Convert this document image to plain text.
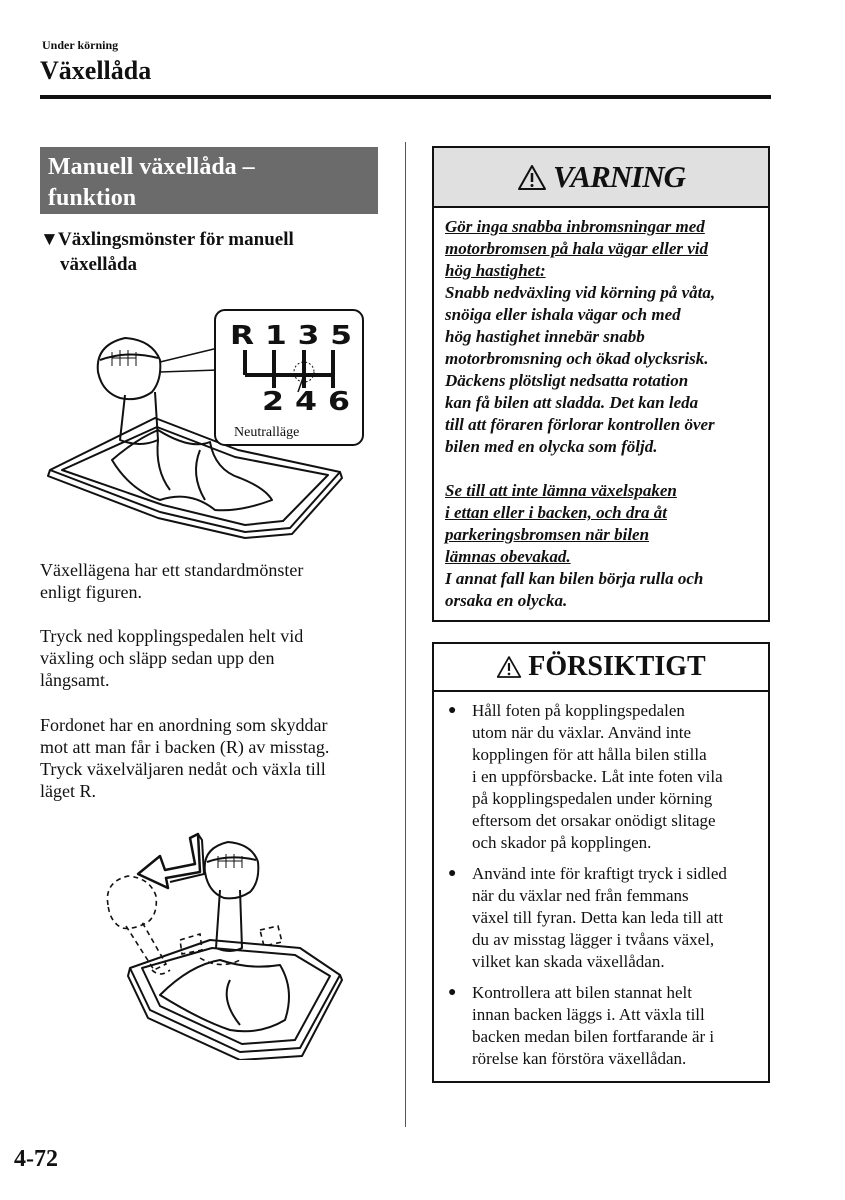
Under körning
Växellåda
Manuell växellåda –
funktion
▼Växlingsmönster för manuell
växellåda
R 1 3 5
2 4 6
Neutralläge
Växellägena har ett standardmönster
enligt figuren.
Tryck ned kopplingspedalen helt vid
växling och släpp sedan upp den
långsamt.
Fordonet har en anordning som skyddar
mot att man får i backen (R) av misstag.
Tryck växelväljaren nedåt och växla till
läget R.
VARNING

Gör inga snabba inbromsningar med

motorbromsen på hala vägar eller vid

hög hastighet:

Snabb nedväxling vid körning på våta,

snöiga eller ishala vägar och med

hög hastighet innebär snabb

motorbromsning och ökad olycksrisk.

Däckens plötsligt nedsatta rotation

kan få bilen att sladda. Det kan leda

till att föraren förlorar kontrollen över

bilen med en olycka som följd.

Se till att inte lämna växelspaken

i ettan eller i backen, och dra åt

parkeringsbromsen när bilen

lämnas obevakad.

I annat fall kan bilen börja rulla och

orsaka en olycka.

FÖRSIKTIGT
● Håll foten på kopplingspedalen
utom när du växlar. Använd inte
kopplingen för att hålla bilen stilla
i en uppförsbacke. Låt inte foten vila
på kopplingspedalen under körning
eftersom det orsakar onödigt slitage
och skador på kopplingen.
● Använd inte för kraftigt tryck i sidled
när du växlar ned från femmans
växel till fyran. Detta kan leda till att
du av misstag lägger i tvåans växel,
vilket kan skada växellådan.
● Kontrollera att bilen stannat helt
innan backen läggs i. Att växla till
backen medan bilen fortfarande är i
rörelse kan förstöra växellådan.
4-72
